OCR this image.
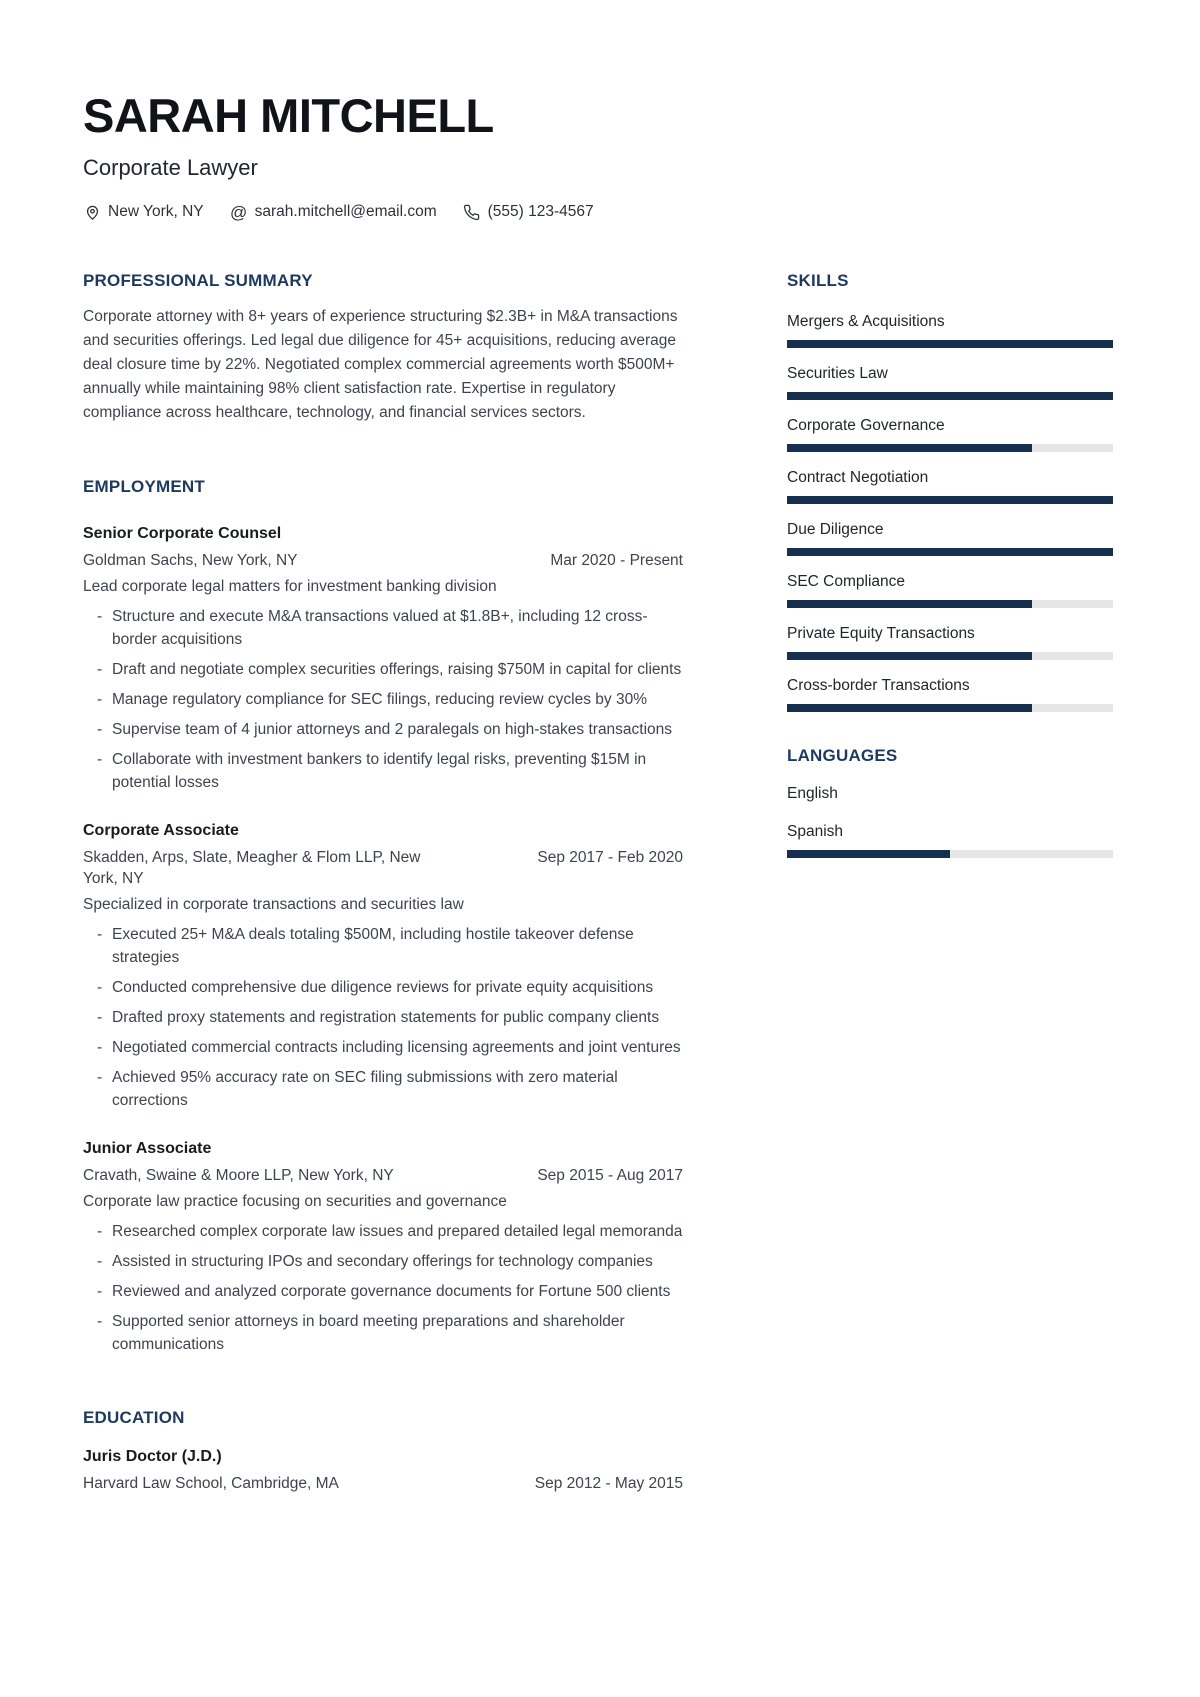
SARAH MITCHELL
Corporate Lawyer
New York, NY @ sarah.mitchell@email.com	(555) 123-4567
PROFESSIONAL SUMMARY
Corporate attorney with 8+ years of experience structuring $2.3B+ in M&A transactions and securities offerings. Led legal due diligence for 45+ acquisitions, reducing average deal closure time by 22%. Negotiated complex commercial agreements worth $500M+ annually while maintaining 98% client satisfaction rate. Expertise in regulatory compliance across healthcare, technology, and financial services sectors.
EMPLOYMENT
Senior Corporate Counsel
Goldman Sachs, New York, NY	Mar 2020 - Present
Lead corporate legal matters for investment banking division
- Structure and execute M&A transactions valued at $1.8B+, including 12 cross-border acquisitions
- Draft and negotiate complex securities offerings, raising $750M in capital for clients
- Manage regulatory compliance for SEC filings, reducing review cycles by 30%
- Supervise team of 4 junior attorneys and 2 paralegals on high-stakes transactions
- Collaborate with investment bankers to identify legal risks, preventing $15M in potential losses
Corporate Associate
Skadden, Arps, Slate, Meagher & Flom LLP, New York, NY
Sep 2017 - Feb 2020
Specialized in corporate transactions and securities law
- Executed 25+ M&A deals totaling $500M, including hostile takeover defense strategies
- Conducted comprehensive due diligence reviews for private equity acquisitions
- Drafted proxy statements and registration statements for public company clients
- Negotiated commercial contracts including licensing agreements and joint ventures
- Achieved 95% accuracy rate on SEC filing submissions with zero material corrections
Junior Associate
Cravath, Swaine & Moore LLP, New York, NY	Sep 2015 - Aug 2017
Corporate law practice focusing on securities and governance
- Researched complex corporate law issues and prepared detailed legal memoranda
- Assisted in structuring IPOs and secondary offerings for technology companies
- Reviewed and analyzed corporate governance documents for Fortune 500 clients
- Supported senior attorneys in board meeting preparations and shareholder communications
EDUCATION
Juris Doctor (J.D.)
Harvard Law School, Cambridge, MA	Sep 2012 - May 2015
SKILLS
Mergers & Acquisitions
Securities Law
Corporate Governance
Contract Negotiation
Due Diligence
SEC Compliance
Private Equity Transactions
Cross-border Transactions
LANGUAGES
English
Spanish
